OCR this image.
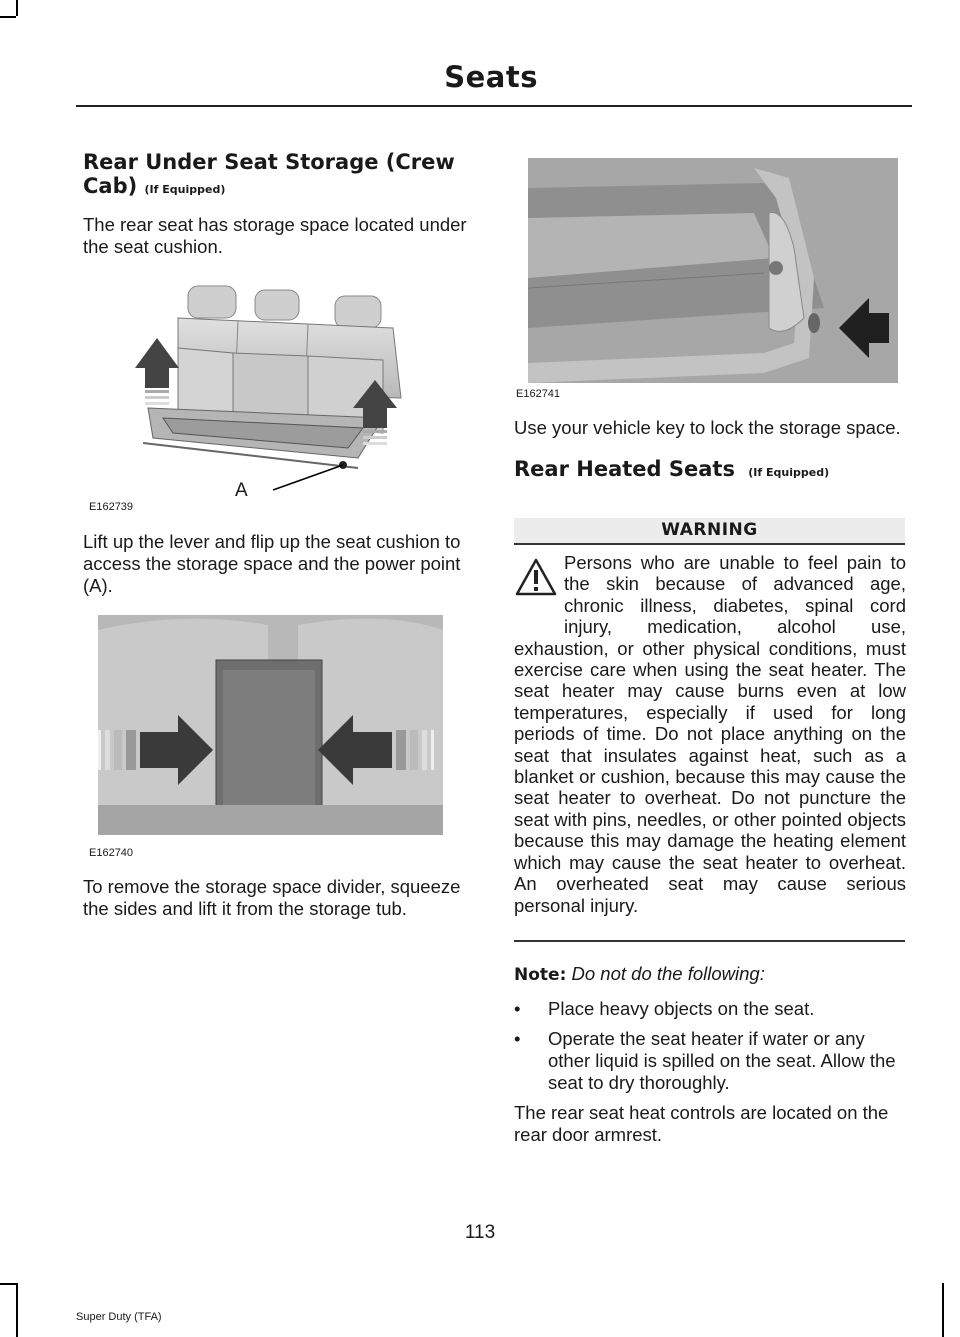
Seats
Rear Under Seat Storage (Crew Cab) (If Equipped)

The rear seat has storage space located under the seat cushion.

A
E162739

Lift up the lever and flip up the seat cushion to access the storage space and the power point (A).

E162740

To remove the storage space divider, squeeze the sides and lift it from the storage tub.

E162741

Use your vehicle key to lock the storage space.

Rear Heated Seats (If Equipped)
WARNING

Persons who are unable to feel pain to the skin because of advanced age, chronic illness, diabetes, spinal cord injury, medication, alcohol use, exhaustion, or other physical conditions, must exercise care when using the seat heater. The seat heater may cause burns even at low temperatures, especially if used for long periods of time. Do not place anything on the seat that insulates against heat, such as a blanket or cushion, because this may cause the seat heater to overheat. Do not puncture the seat with pins, needles, or other pointed objects because this may damage the heating element which may cause the seat heater to overheat. An overheated seat may cause serious personal injury.

Note: Do not do the following:

• Place heavy objects on the seat.
• Operate the seat heater if water or any other liquid is spilled on the seat. Allow the seat to dry thoroughly.

The rear seat heat controls are located on the rear door armrest.

113
Super Duty (TFA)
